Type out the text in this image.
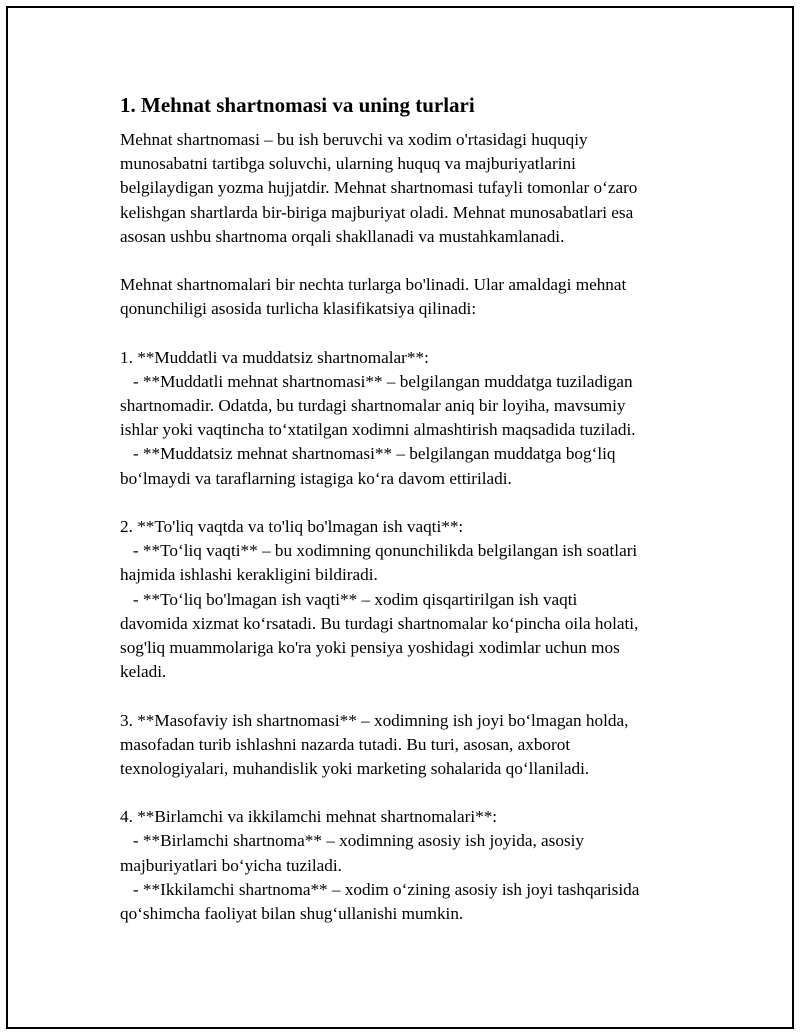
1. Mehnat shartnomasi va uning turlari
Mehnat shartnomasi – bu ish beruvchi va xodim o'rtasidagi huquqiy
munosabatni tartibga soluvchi, ularning huquq va majburiyatlarini
belgilaydigan yozma hujjatdir. Mehnat shartnomasi tufayli tomonlar o‘zaro
kelishgan shartlarda bir-biriga majburiyat oladi. Mehnat munosabatlari esa
asosan ushbu shartnoma orqali shakllanadi va mustahkamlanadi.
Mehnat shartnomalari bir nechta turlarga bo'linadi. Ular amaldagi mehnat
qonunchiligi asosida turlicha klasifikatsiya qilinadi:
1. **Muddatli va muddatsiz shartnomalar**:
- **Muddatli mehnat shartnomasi** – belgilangan muddatga tuziladigan
shartnomadir. Odatda, bu turdagi shartnomalar aniq bir loyiha, mavsumiy
ishlar yoki vaqtincha to‘xtatilgan xodimni almashtirish maqsadida tuziladi.
- **Muddatsiz mehnat shartnomasi** – belgilangan muddatga bog‘liq
bo‘lmaydi va taraflarning istagiga ko‘ra davom ettiriladi.
2. **To'liq vaqtda va to'liq bo'lmagan ish vaqti**:
- **To‘liq vaqti** – bu xodimning qonunchilikda belgilangan ish soatlari
hajmida ishlashi kerakligini bildiradi.
- **To‘liq bo'lmagan ish vaqti** – xodim qisqartirilgan ish vaqti
davomida xizmat ko‘rsatadi. Bu turdagi shartnomalar ko‘pincha oila holati,
sog'liq muammolariga ko'ra yoki pensiya yoshidagi xodimlar uchun mos
keladi.
3. **Masofaviy ish shartnomasi** – xodimning ish joyi bo‘lmagan holda,
masofadan turib ishlashni nazarda tutadi. Bu turi, asosan, axborot
texnologiyalari, muhandislik yoki marketing sohalarida qo‘llaniladi.
4. **Birlamchi va ikkilamchi mehnat shartnomalari**:
- **Birlamchi shartnoma** – xodimning asosiy ish joyida, asosiy
majburiyatlari bo‘yicha tuziladi.
- **Ikkilamchi shartnoma** – xodim o‘zining asosiy ish joyi tashqarisida
qo‘shimcha faoliyat bilan shug‘ullanishi mumkin.
